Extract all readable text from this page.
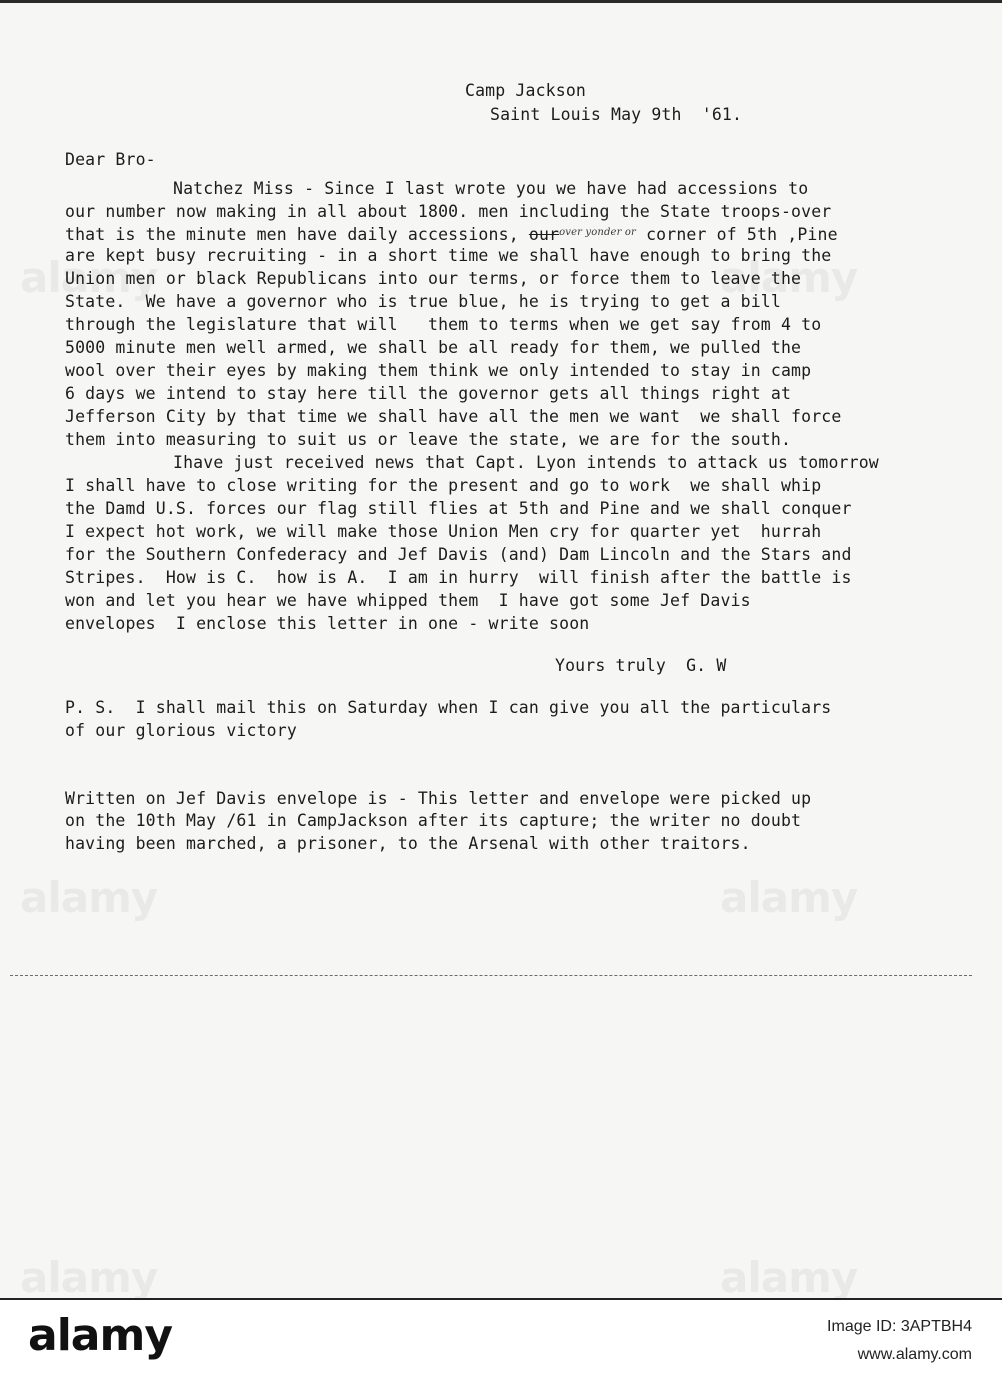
alamy	alamy
alamy	alamy
alamy	alamy
Camp Jackson
Saint Louis May 9th  '61.
Dear Bro-
Natchez Miss - Since I last wrote you we have had accessions to
our number now making in all about 1800. men including the State troops-over
that is the minute men have daily accessions, our$^{over yonder or}$ corner of 5th ,Pine
are kept busy recruiting - in a short time we shall have enough to bring the
Union men or black Republicans into our terms, or force them to leave the
State.  We have a governor who is true blue, he is trying to get a bill
through the legislature that will   them to terms when we get say from 4 to
5000 minute men well armed, we shall be all ready for them, we pulled the
wool over their eyes by making them think we only intended to stay in camp
6 days we intend to stay here till the governor gets all things right at
Jefferson City by that time we shall have all the men we want  we shall force
them into measuring to suit us or leave the state, we are for the south.
Ihave just received news that Capt. Lyon intends to attack us tomorrow
I shall have to close writing for the present and go to work  we shall whip
the Damd U.S. forces our flag still flies at 5th and Pine and we shall conquer
I expect hot work, we will make those Union Men cry for quarter yet  hurrah
for the Southern Confederacy and Jef Davis (and) Dam Lincoln and the Stars and
Stripes.  How is C.  how is A.  I am in hurry  will finish after the battle is
won and let you hear we have whipped them  I have got some Jef Davis
envelopes  I enclose this letter in one - write soon
Yours truly  G. W
P. S.  I shall mail this on Saturday when I can give you all the particulars
of our glorious victory
Written on Jef Davis envelope is - This letter and envelope were picked up
on the 10th May /61 in CampJackson after its capture; the writer no doubt
having been marched, a prisoner, to the Arsenal with other traitors.
alamy	Image ID: 3APTBH4
www.alamy.com
